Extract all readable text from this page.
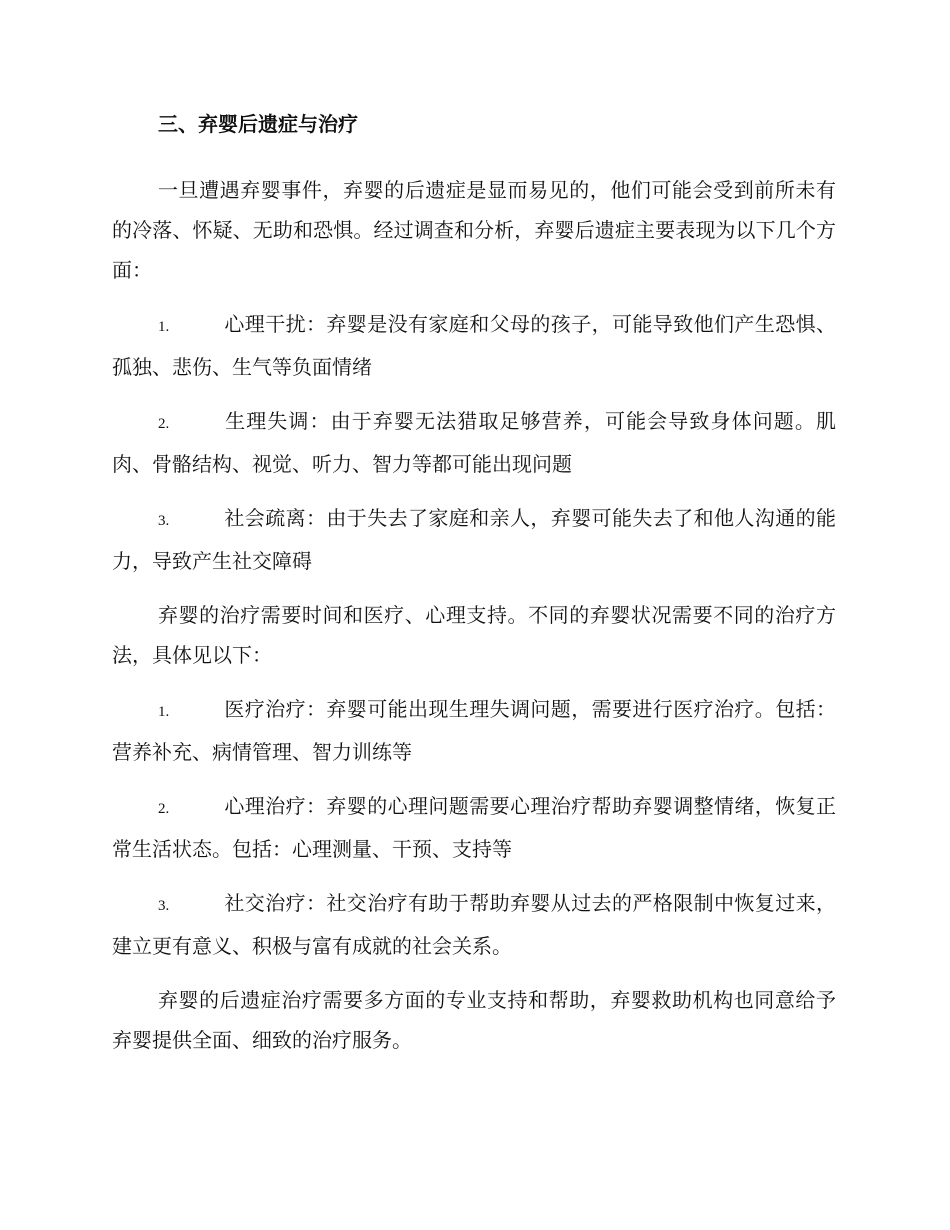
三、弃婴后遗症与治疗

一旦遭遇弃婴事件，弃婴的后遗症是显而易见的，他们可能会受到前所未有的冷落、怀疑、无助和恐惧。经过调查和分析，弃婴后遗症主要表现为以下几个方面：

1.	心理干扰：弃婴是没有家庭和父母的孩子，可能导致他们产生恐惧、孤独、悲伤、生气等负面情绪

2.	生理失调：由于弃婴无法猎取足够营养，可能会导致身体问题。肌肉、骨骼结构、视觉、听力、智力等都可能出现问题

3.	社会疏离：由于失去了家庭和亲人，弃婴可能失去了和他人沟通的能力，导致产生社交障碍

弃婴的治疗需要时间和医疗、心理支持。不同的弃婴状况需要不同的治疗方法，具体见以下：

1.	医疗治疗：弃婴可能出现生理失调问题，需要进行医疗治疗。包括：营养补充、病情管理、智力训练等

2.	心理治疗：弃婴的心理问题需要心理治疗帮助弃婴调整情绪，恢复正常生活状态。包括：心理测量、干预、支持等

3.	社交治疗：社交治疗有助于帮助弃婴从过去的严格限制中恢复过来，建立更有意义、积极与富有成就的社会关系。

弃婴的后遗症治疗需要多方面的专业支持和帮助，弃婴救助机构也同意给予弃婴提供全面、细致的治疗服务。
